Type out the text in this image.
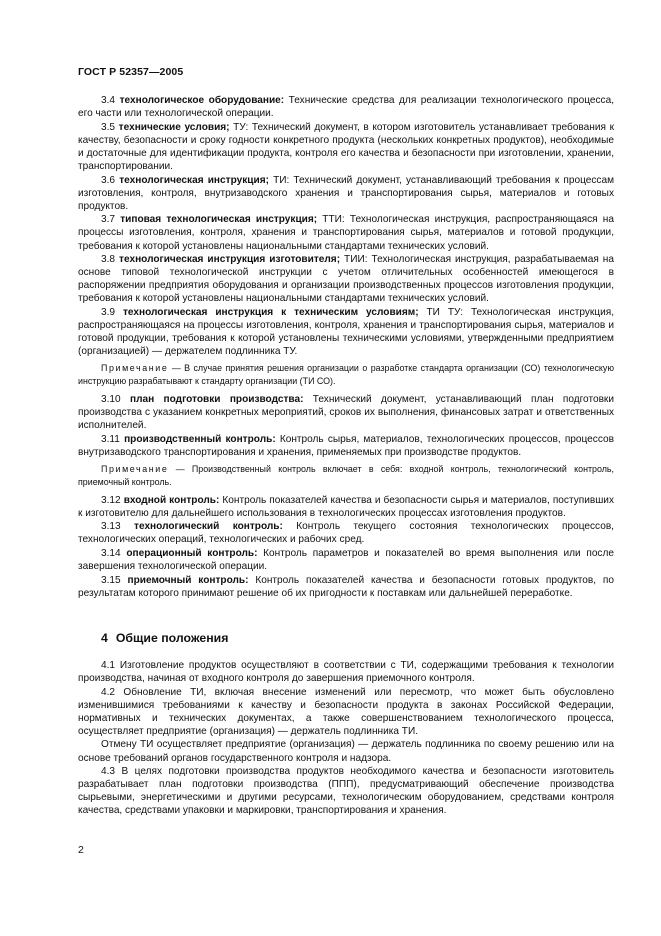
ГОСТ Р 52357—2005

3.4 технологическое оборудование: Технические средства для реализации технологического процесса, его части или технологической операции.

3.5 технические условия; ТУ: Технический документ, в котором изготовитель устанавливает требования к качеству, безопасности и сроку годности конкретного продукта (нескольких конкретных продуктов), необходимые и достаточные для идентификации продукта, контроля его качества и безопасности при изготовлении, хранении, транспортировании.

3.6 технологическая инструкция; ТИ: Технический документ, устанавливающий требования к процессам изготовления, контроля, внутризаводского хранения и транспортирования сырья, материалов и готовых продуктов.

3.7 типовая технологическая инструкция; ТТИ: Технологическая инструкция, распространяющаяся на процессы изготовления, контроля, хранения и транспортирования сырья, материалов и готовой продукции, требования к которой установлены национальными стандартами технических условий.

3.8 технологическая инструкция изготовителя; ТИИ: Технологическая инструкция, разрабатываемая на основе типовой технологической инструкции с учетом отличительных особенностей имеющегося в распоряжении предприятия оборудования и организации производственных процессов изготовления продукции, требования к которой установлены национальными стандартами технических условий.

3.9 технологическая инструкция к техническим условиям; ТИ ТУ: Технологическая инструкция, распространяющаяся на процессы изготовления, контроля, хранения и транспортирования сырья, материалов и готовой продукции, требования к которой установлены техническими условиями, утвержденными предприятием (организацией) — держателем подлинника ТУ.

Примечание — В случае принятия решения организации о разработке стандарта организации (СО) технологическую инструкцию разрабатывают к стандарту организации (ТИ СО).

3.10 план подготовки производства: Технический документ, устанавливающий план подготовки производства с указанием конкретных мероприятий, сроков их выполнения, финансовых затрат и ответственных исполнителей.

3.11 производственный контроль: Контроль сырья, материалов, технологических процессов, процессов внутризаводского транспортирования и хранения, применяемых при производстве продуктов.

Примечание — Производственный контроль включает в себя: входной контроль, технологический контроль, приемочный контроль.

3.12 входной контроль: Контроль показателей качества и безопасности сырья и материалов, поступивших к изготовителю для дальнейшего использования в технологических процессах изготовления продуктов.

3.13 технологический контроль: Контроль текущего состояния технологических процессов, технологических операций, технологических и рабочих сред.

3.14 операционный контроль: Контроль параметров и показателей во время выполнения или после завершения технологической операции.

3.15 приемочный контроль: Контроль показателей качества и безопасности готовых продуктов, по результатам которого принимают решение об их пригодности к поставкам или дальнейшей переработке.

4 Общие положения

4.1 Изготовление продуктов осуществляют в соответствии с ТИ, содержащими требования к технологии производства, начиная от входного контроля до завершения приемочного контроля.

4.2 Обновление ТИ, включая внесение изменений или пересмотр, что может быть обусловлено изменившимися требованиями к качеству и безопасности продукта в законах Российской Федерации, нормативных и технических документах, а также совершенствованием технологического процесса, осуществляет предприятие (организация) — держатель подлинника ТИ.

Отмену ТИ осуществляет предприятие (организация) — держатель подлинника по своему решению или на основе требований органов государственного контроля и надзора.

4.3 В целях подготовки производства продуктов необходимого качества и безопасности изготовитель разрабатывает план подготовки производства (ППП), предусматривающий обеспечение производства сырьевыми, энергетическими и другими ресурсами, технологическим оборудованием, средствами контроля качества, средствами упаковки и маркировки, транспортирования и хранения.

2
